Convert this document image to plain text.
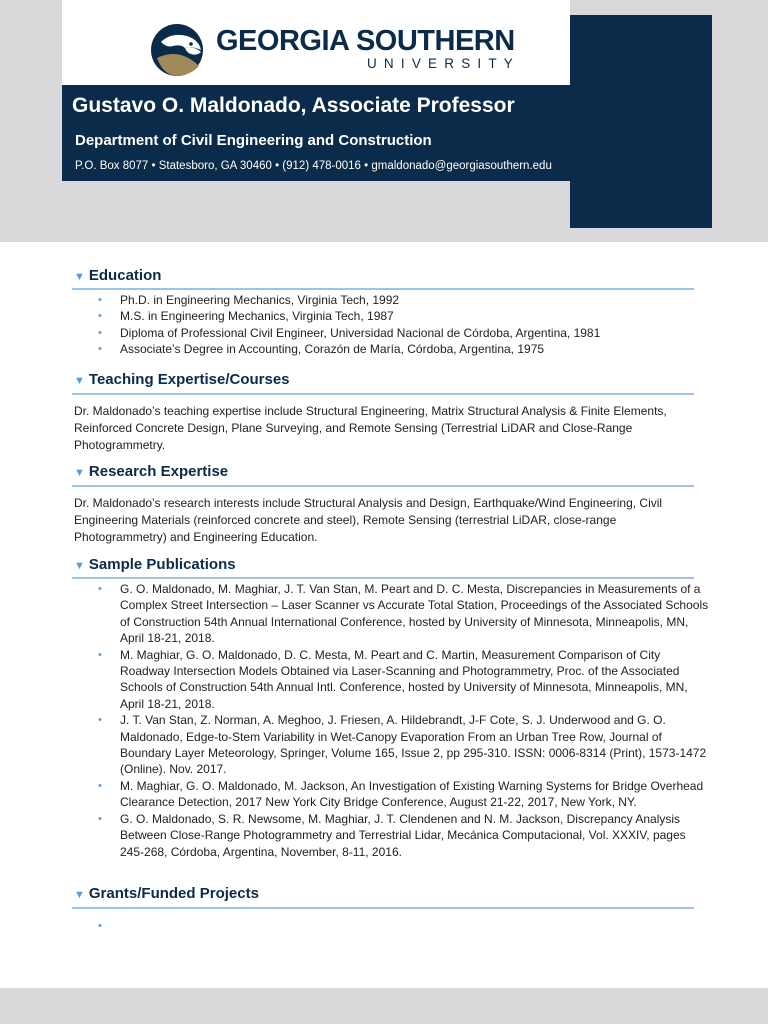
GEORGIA SOUTHERN
UNIVERSITY
Gustavo O. Maldonado, Associate Professor
Department of Civil Engineering and Construction
P.O. Box 8077 • Statesboro, GA 30460 • (912) 478-0016 • gmaldonado@georgiasouthern.edu
▼ Education
• Ph.D. in Engineering Mechanics, Virginia Tech, 1992
• M.S. in Engineering Mechanics, Virginia Tech, 1987
• Diploma of Professional Civil Engineer, Universidad Nacional de Córdoba, Argentina, 1981
• Associate’s Degree in Accounting, Corazón de María, Córdoba, Argentina, 1975
▼ Teaching Expertise/Courses
Dr. Maldonado’s teaching expertise include Structural Engineering, Matrix Structural Analysis & Finite Elements, Reinforced Concrete Design, Plane Surveying, and Remote Sensing (Terrestrial LiDAR and Close-Range Photogrammetry.
▼ Research Expertise
Dr. Maldonado’s research interests include Structural Analysis and Design, Earthquake/Wind Engineering, Civil Engineering Materials (reinforced concrete and steel), Remote Sensing (terrestrial LiDAR, close-range Photogrammetry) and Engineering Education.
▼ Sample Publications
• G. O. Maldonado, M. Maghiar, J. T. Van Stan, M. Peart and D. C. Mesta, Discrepancies in Measurements of a Complex Street Intersection – Laser Scanner vs Accurate Total Station, Proceedings of the Associated Schools of Construction 54th Annual International Conference, hosted by University of Minnesota, Minneapolis, MN, April 18-21, 2018.
• M. Maghiar, G. O. Maldonado, D. C. Mesta, M. Peart and C. Martin, Measurement Comparison of City Roadway Intersection Models Obtained via Laser-Scanning and Photogrammetry, Proc. of the Associated Schools of Construction 54th Annual Intl. Conference, hosted by University of Minnesota, Minneapolis, MN, April 18-21, 2018.
• J. T. Van Stan, Z. Norman, A. Meghoo, J. Friesen, A. Hildebrandt, J-F Cote, S. J. Underwood and G. O. Maldonado, Edge-to-Stem Variability in Wet-Canopy Evaporation From an Urban Tree Row, Journal of Boundary Layer Meteorology, Springer, Volume 165, Issue 2, pp 295-310. ISSN: 0006-8314 (Print), 1573-1472 (Online). Nov. 2017.
• M. Maghiar, G. O. Maldonado, M. Jackson, An Investigation of Existing Warning Systems for Bridge Overhead Clearance Detection, 2017 New York City Bridge Conference, August 21-22, 2017, New York, NY.
• G. O. Maldonado, S. R. Newsome, M. Maghiar, J. T. Clendenen and N. M. Jackson, Discrepancy Analysis Between Close-Range Photogrammetry and Terrestrial Lidar, Mecánica Computacional, Vol. XXXIV, pages 245-268, Córdoba, Argentina, November, 8-11, 2016.
▼ Grants/Funded Projects
•
